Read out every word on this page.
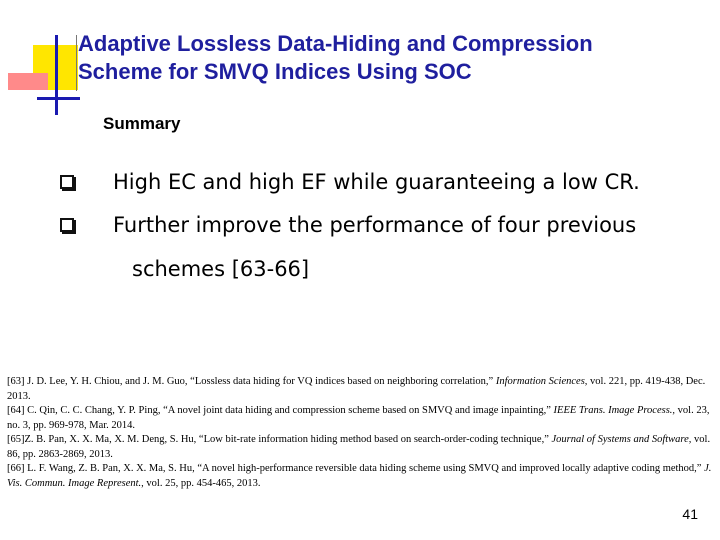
Adaptive Lossless Data-Hiding and Compression
Scheme for SMVQ Indices Using SOC
Summary
High EC and high EF while guaranteeing a low CR.
Further improve the performance of four previous
schemes [63-66]

[63] J. D. Lee, Y. H. Chiou, and J. M. Guo, “Lossless data hiding for VQ indices based on neighboring correlation,” Information Sciences, vol. 221, pp. 419-438, Dec. 2013.

[64] C. Qin, C. C. Chang, Y. P. Ping, “A novel joint data hiding and compression scheme based on SMVQ and image inpainting,” IEEE Trans. Image Process., vol. 23, no. 3, pp. 969-978, Mar. 2014.

[65]Z. B. Pan, X. X. Ma, X. M. Deng, S. Hu, “Low bit-rate information hiding method based on search-order-coding technique,” Journal of Systems and Software, vol. 86, pp. 2863-2869, 2013.

[66] L. F. Wang, Z. B. Pan, X. X. Ma, S. Hu, “A novel high-performance reversible data hiding scheme using SMVQ and improved locally adaptive coding method,” J. Vis. Commun. Image Represent., vol. 25, pp. 454-465, 2013.

41
